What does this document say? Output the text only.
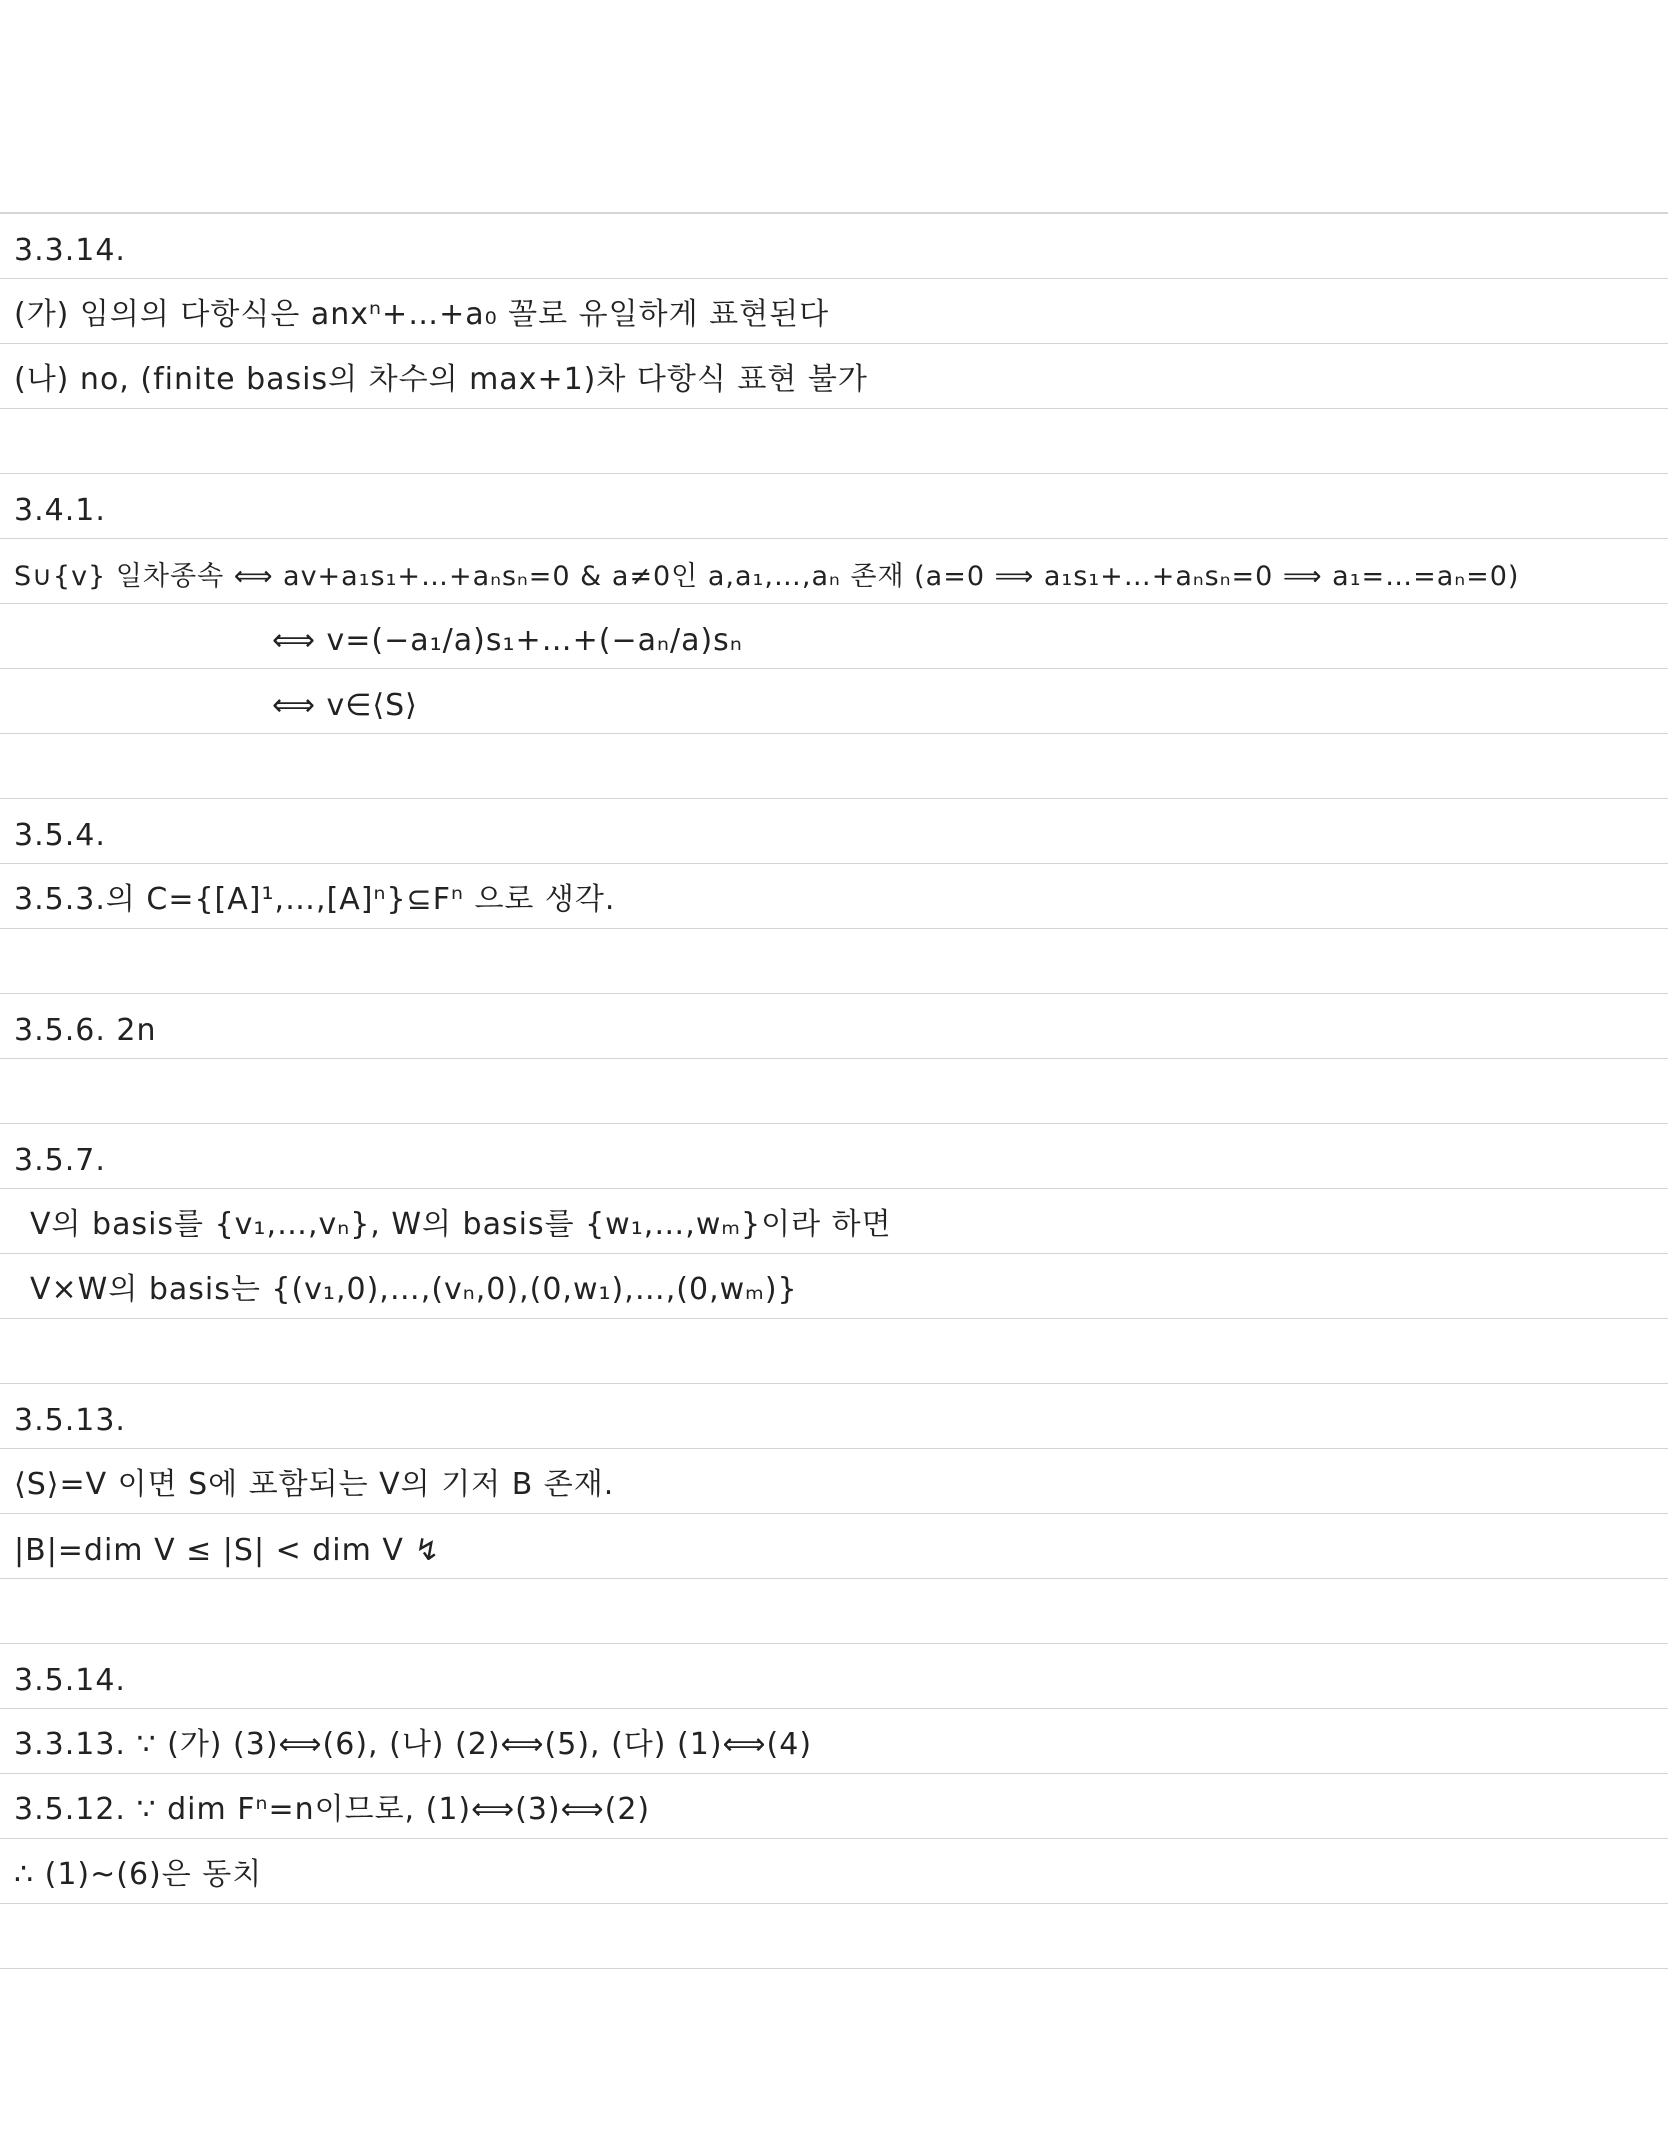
3.3.14.
(가) 임의의 다항식은 anxⁿ+…+a₀ 꼴로 유일하게 표현된다
(나) no, (finite basis의 차수의 max+1)차 다항식 표현 불가
3.4.1.
S∪{v} 일차종속 ⟺ av+a₁s₁+…+aₙsₙ=0 & a≠0인 a,a₁,…,aₙ 존재 (a=0 ⟹ a₁s₁+…+aₙsₙ=0 ⟹ a₁=…=aₙ=0)
⟺ v=(−a₁/a)s₁+…+(−aₙ/a)sₙ
⟺ v∈⟨S⟩
3.5.4.
3.5.3.의 C={[A]¹,…,[A]ⁿ}⊆Fⁿ 으로 생각.
3.5.6. 2n
3.5.7.
V의 basis를 {v₁,…,vₙ}, W의 basis를 {w₁,…,wₘ}이라 하면
V×W의 basis는 {(v₁,0),…,(vₙ,0),(0,w₁),…,(0,wₘ)}
3.5.13.
⟨S⟩=V 이면 S에 포함되는 V의 기저 B 존재.
|B|=dim V ≤ |S| < dim V ↯
3.5.14.
3.3.13. ∵ (가) (3)⟺(6), (나) (2)⟺(5), (다) (1)⟺(4)
3.5.12. ∵ dim Fⁿ=n이므로, (1)⟺(3)⟺(2)
∴ (1)~(6)은 동치
